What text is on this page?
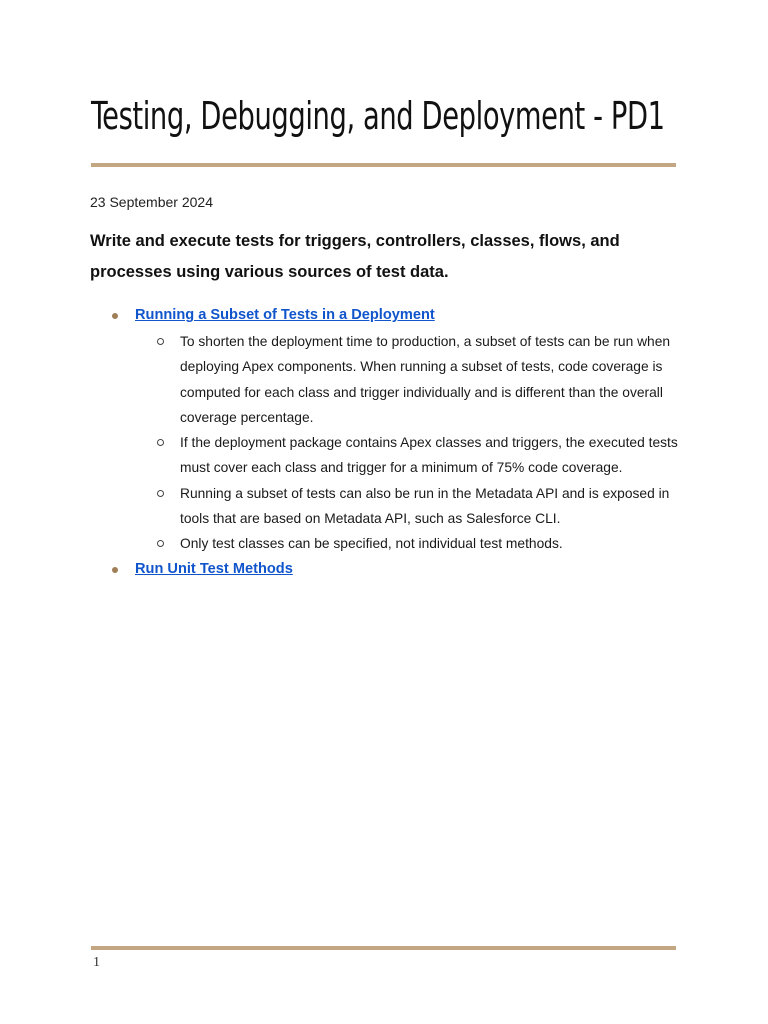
Testing, Debugging, and Deployment - PD1
23 September 2024
Write and execute tests for triggers, controllers, classes, flows, and processes using various sources of test data.
Running a Subset of Tests in a Deployment
To shorten the deployment time to production, a subset of tests can be run when deploying Apex components. When running a subset of tests, code coverage is computed for each class and trigger individually and is different than the overall coverage percentage.
If the deployment package contains Apex classes and triggers, the executed tests must cover each class and trigger for a minimum of 75% code coverage.
Running a subset of tests can also be run in the Metadata API and is exposed in tools that are based on Metadata API, such as Salesforce CLI.
Only test classes can be specified, not individual test methods.
Run Unit Test Methods
1
